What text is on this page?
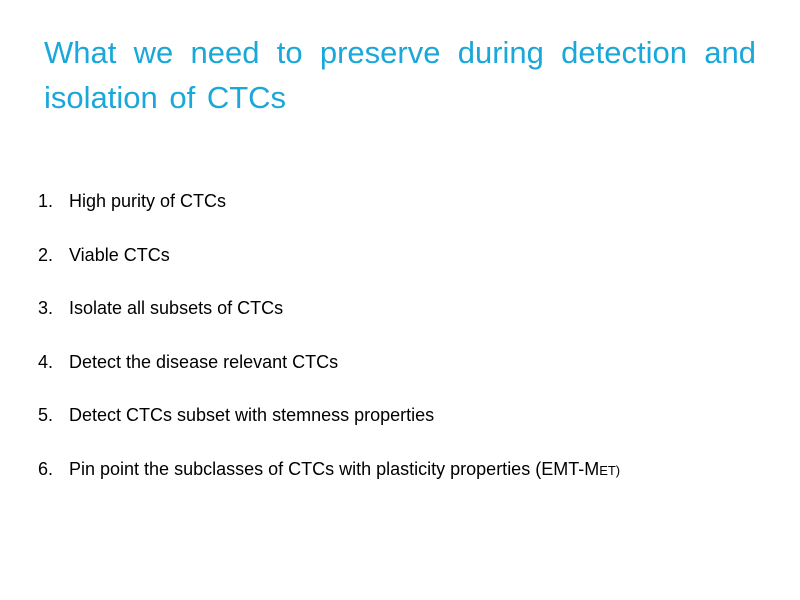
What we need to preserve during detection and isolation of CTCs
1. High purity of CTCs
2. Viable CTCs
3. Isolate all subsets of CTCs
4. Detect the disease relevant CTCs
5. Detect CTCs subset with stemness properties
6. Pin point the subclasses of CTCs with plasticity properties (EMT-MET)
